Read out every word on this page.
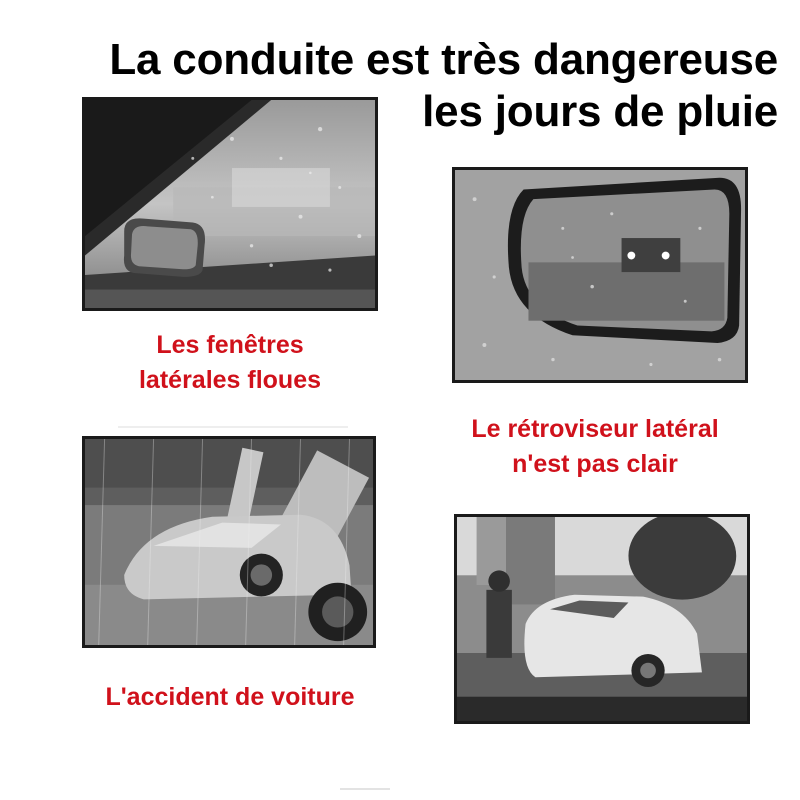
La conduite est très dangereuse
les jours de pluie
Les fenêtres
latérales floues
Le rétroviseur latéral
n'est pas clair
L'accident de voiture
